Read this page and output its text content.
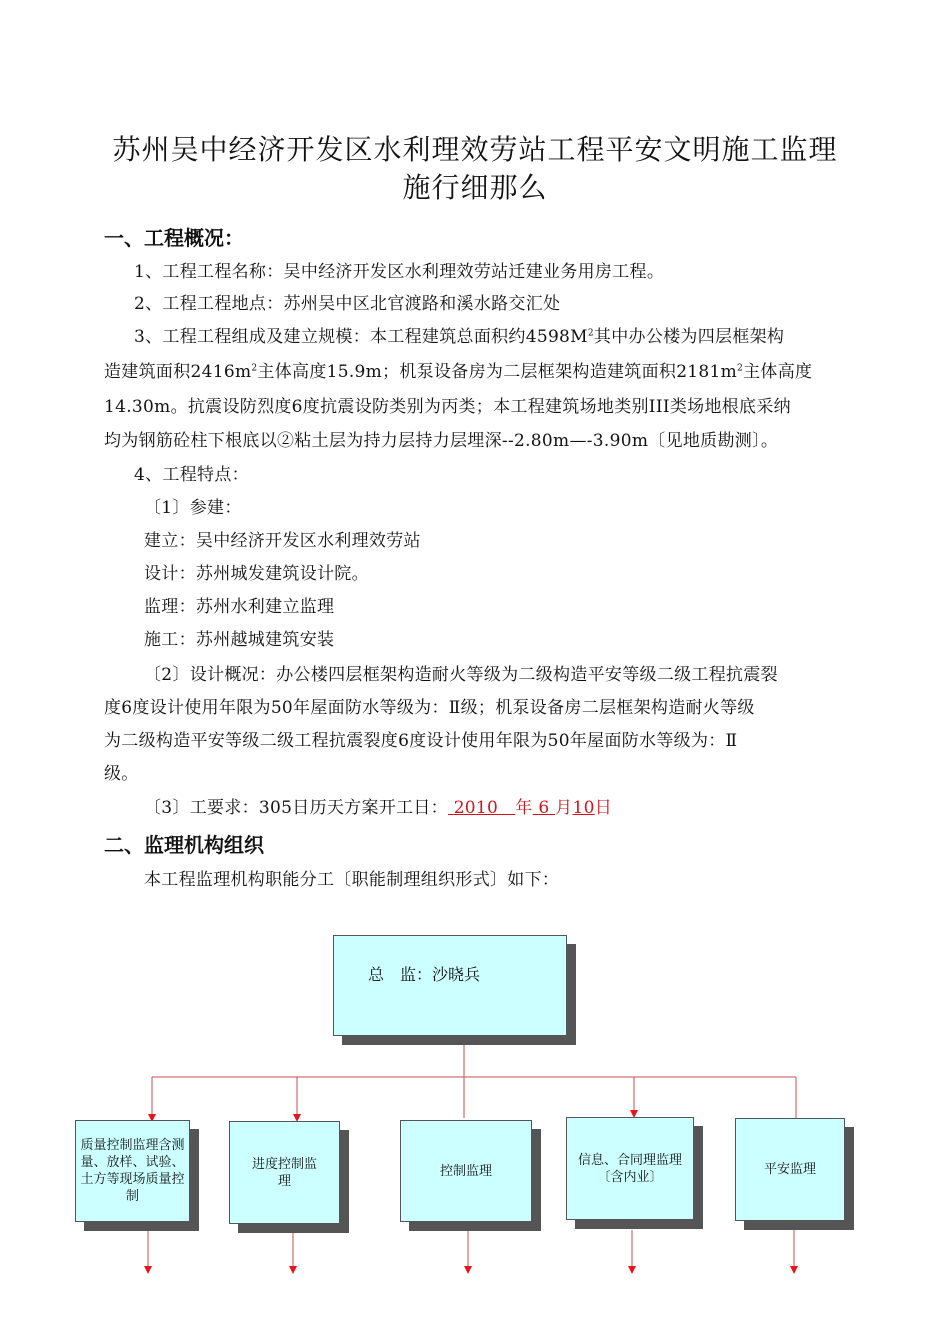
苏州吴中经济开发区水利理效劳站工程平安文明施工监理
施行细那么
一、工程概况：
1、工程工程名称：吴中经济开发区水利理效劳站迁建业务用房工程。
2、工程工程地点：苏州吴中区北官渡路和溪水路交汇处
3、工程工程组成及建立规模：本工程建筑总面积约$4598M^2$其中办公楼为四层框架构
造建筑面积$2416m^2$主体高度15.9m；机泵设备房为二层框架构造建筑面积$2181m^2$主体高度
14.30m。抗震设防烈度6度抗震设防类别为丙类；本工程建筑场地类别III类场地根底采纳
均为钢筋砼柱下根底以②粘土层为持力层持力层埋深--2.80m—-3.90m〔见地质勘测〕。
4、工程特点：
〔1〕参建：
建立：吴中经济开发区水利理效劳站
设计：苏州城发建筑设计院。
监理：苏州水利建立监理
施工：苏州越城建筑安装
〔2〕设计概况：办公楼四层框架构造耐火等级为二级构造平安等级二级工程抗震裂
度6度设计使用年限为50年屋面防水等级为：Ⅱ级；机泵设备房二层框架构造耐火等级
为二级构造平安等级二级工程抗震裂度6度设计使用年限为50年屋面防水等级为：Ⅱ
级。
〔3〕工要求：305日历天方案开工日： 2010 年 6 月10日
二、监理机构组织
本工程监理机构职能分工〔职能制理组织形式〕如下：
总　监：沙晓兵
质量控制监理含测量、放样、试验、土方等现场质量控制
进度控制监理
控制监理
信息、合同理监理〔含内业〕	平安监理
